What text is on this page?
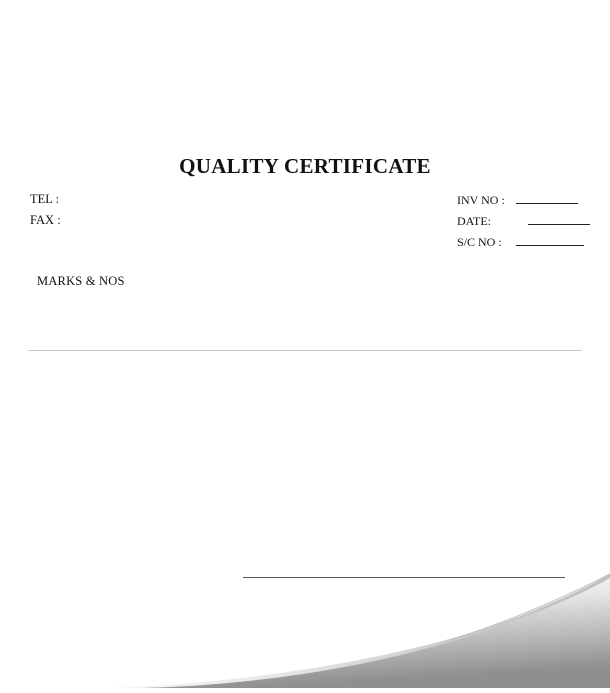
QUALITY CERTIFICATE
TEL :
FAX :
INV NO :
DATE:
S/C NO :
MARKS & NOS
